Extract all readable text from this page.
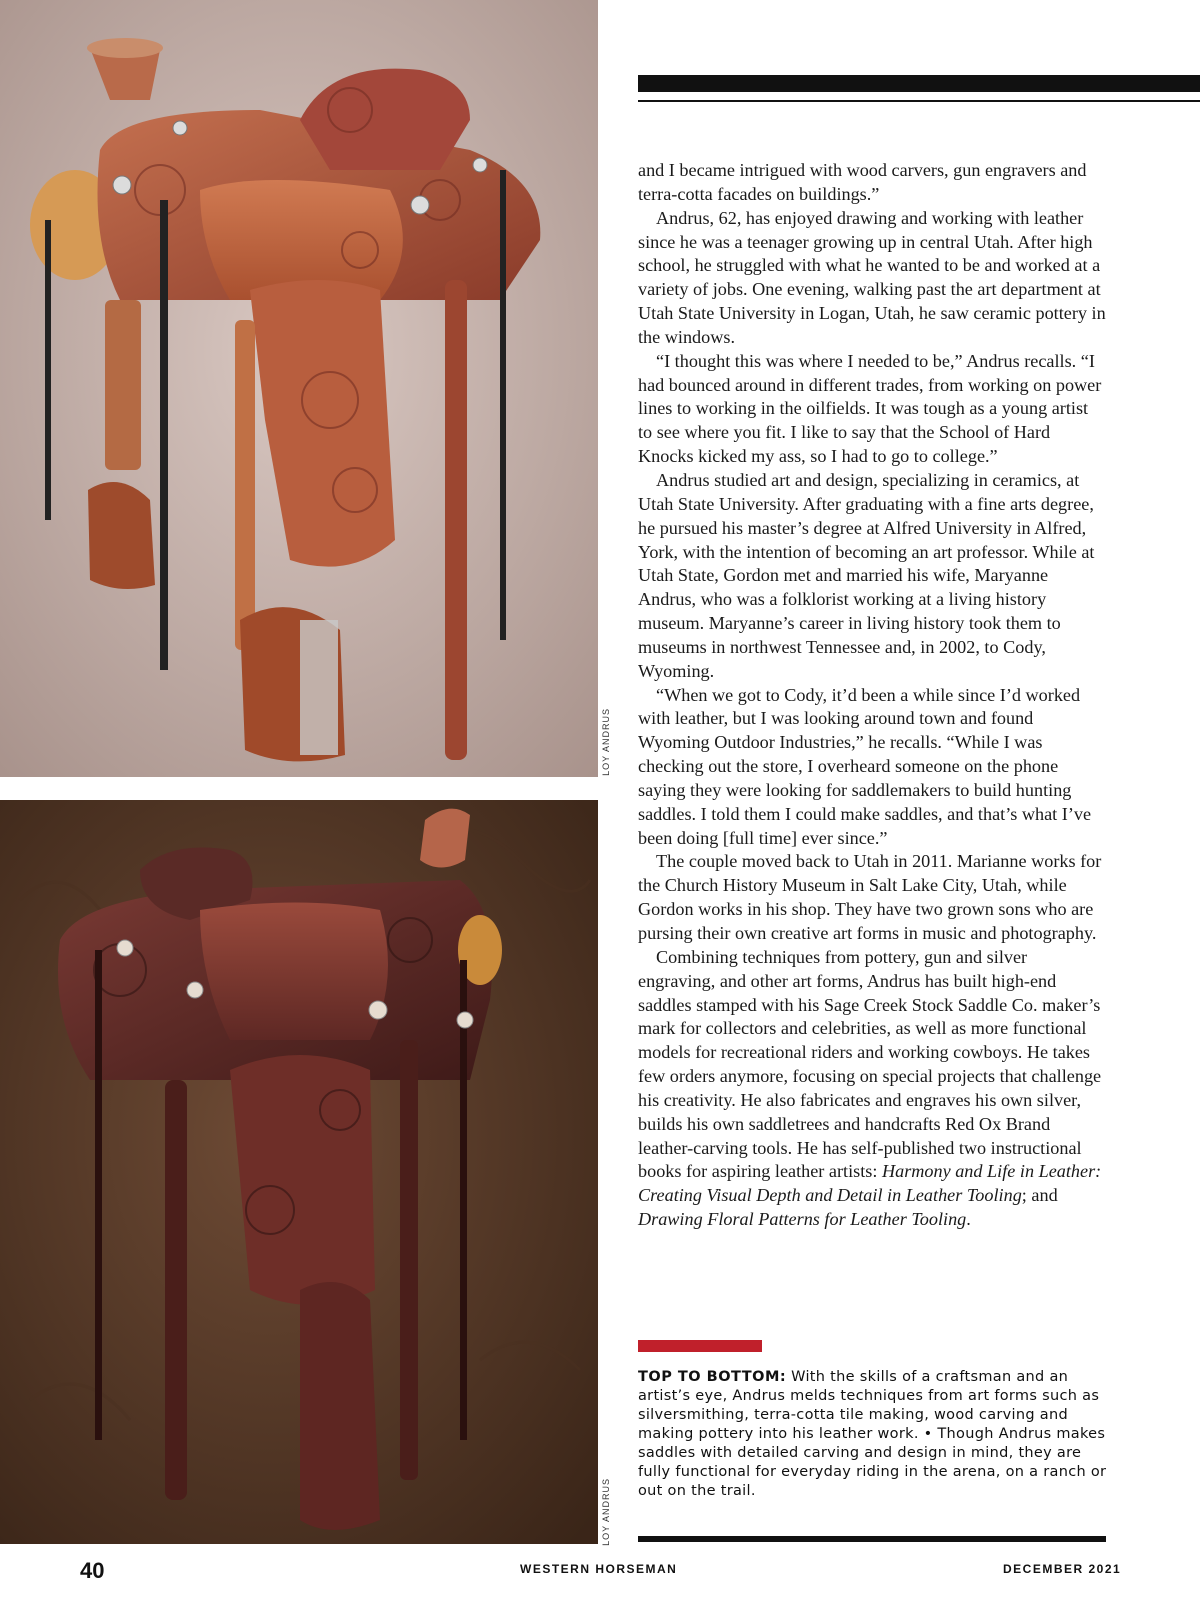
LOY ANDRUS
LOY ANDRUS

and I became intrigued with wood carvers, gun engravers and terra-cotta facades on buildings.”

Andrus, 62, has enjoyed drawing and working with leather since he was a teenager growing up in central Utah. After high school, he struggled with what he wanted to be and worked at a variety of jobs. One evening, walking past the art department at Utah State University in Logan, Utah, he saw ceramic pottery in the windows.

“I thought this was where I needed to be,” Andrus recalls. “I had bounced around in different trades, from working on power lines to working in the oilfields. It was tough as a young artist to see where you fit. I like to say that the School of Hard Knocks kicked my ass, so I had to go to college.”

Andrus studied art and design, specializing in ceramics, at Utah State University. After graduating with a fine arts degree, he pursued his master’s degree at Alfred University in Alfred, York, with the intention of becoming an art professor. While at Utah State, Gordon met and married his wife, Maryanne Andrus, who was a folklorist working at a living history museum. Maryanne’s career in living history took them to museums in northwest Tennessee and, in 2002, to Cody, Wyoming.

“When we got to Cody, it’d been a while since I’d worked with leather, but I was looking around town and found Wyoming Outdoor Industries,” he recalls. “While I was checking out the store, I overheard someone on the phone saying they were looking for saddlemakers to build hunting saddles. I told them I could make saddles, and that’s what I’ve been doing [full time] ever since.”

The couple moved back to Utah in 2011. Marianne works for the Church History Museum in Salt Lake City, Utah, while Gordon works in his shop. They have two grown sons who are pursing their own creative art forms in music and photography.

Combining techniques from pottery, gun and silver engraving, and other art forms, Andrus has built high-end saddles stamped with his Sage Creek Stock Saddle Co. maker’s mark for collectors and celebrities, as well as more functional models for recreational riders and working cowboys. He takes few orders anymore, focusing on special projects that challenge his creativity. He also fabricates and engraves his own silver, builds his own saddletrees and handcrafts Red Ox Brand leather-carving tools. He has self-published two instructional books for aspiring leather artists: Harmony and Life in Leather: Creating Visual Depth and Detail in Leather Tooling; and Drawing Floral Patterns for Leather Tooling.

TOP TO BOTTOM: With the skills of a craftsman and an artist’s eye, Andrus melds techniques from art forms such as silversmithing, terra-cotta tile making, wood carving and making pottery into his leather work. • Though Andrus makes saddles with detailed carving and design in mind, they are fully functional for everyday riding in the arena, on a ranch or out on the trail.
40	WESTERN HORSEMAN	DECEMBER 2021
